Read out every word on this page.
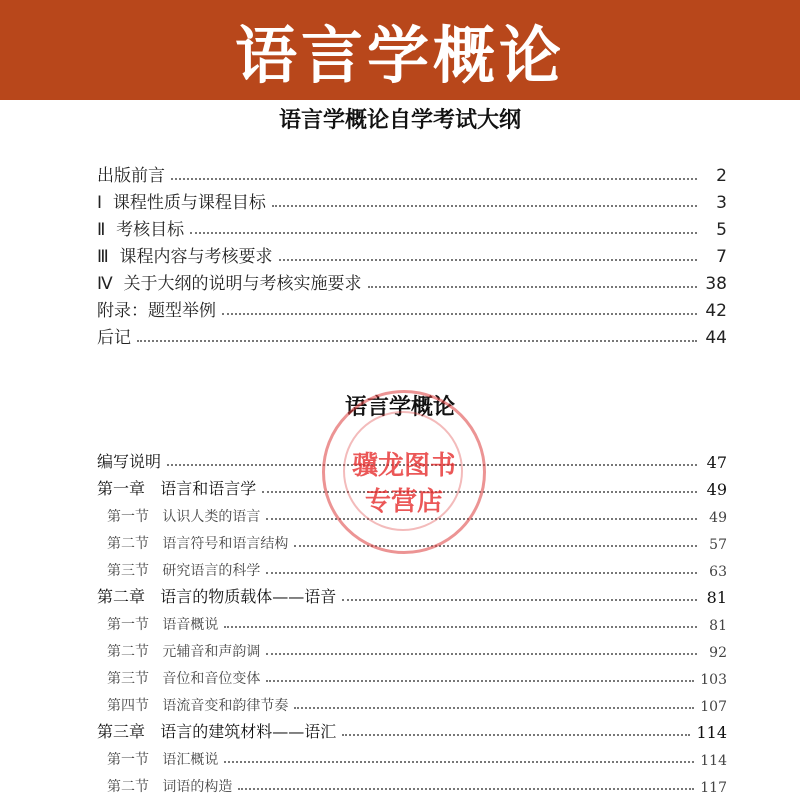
语言学概论
语言学概论自学考试大纲
出版前言	2
Ⅰ  课程性质与课程目标	3
Ⅱ  考核目标	5
Ⅲ  课程内容与考核要求	7
Ⅳ  关于大纲的说明与考核实施要求	38
附录：题型举例	42
后记	44
语言学概论
编写说明	47
第一章   语言和语言学	49
第一节   认识人类的语言	49
第二节   语言符号和语言结构	57
第三节   研究语言的科学	63
第二章   语言的物质载体——语音	81
第一节   语音概说	81
第二节   元辅音和声韵调	92
第三节   音位和音位变体	103
第四节   语流音变和韵律节奏	107
第三章   语言的建筑材料——语汇	114
第一节   语汇概说	114
第二节   词语的构造	117
骥龙图书
专营店
